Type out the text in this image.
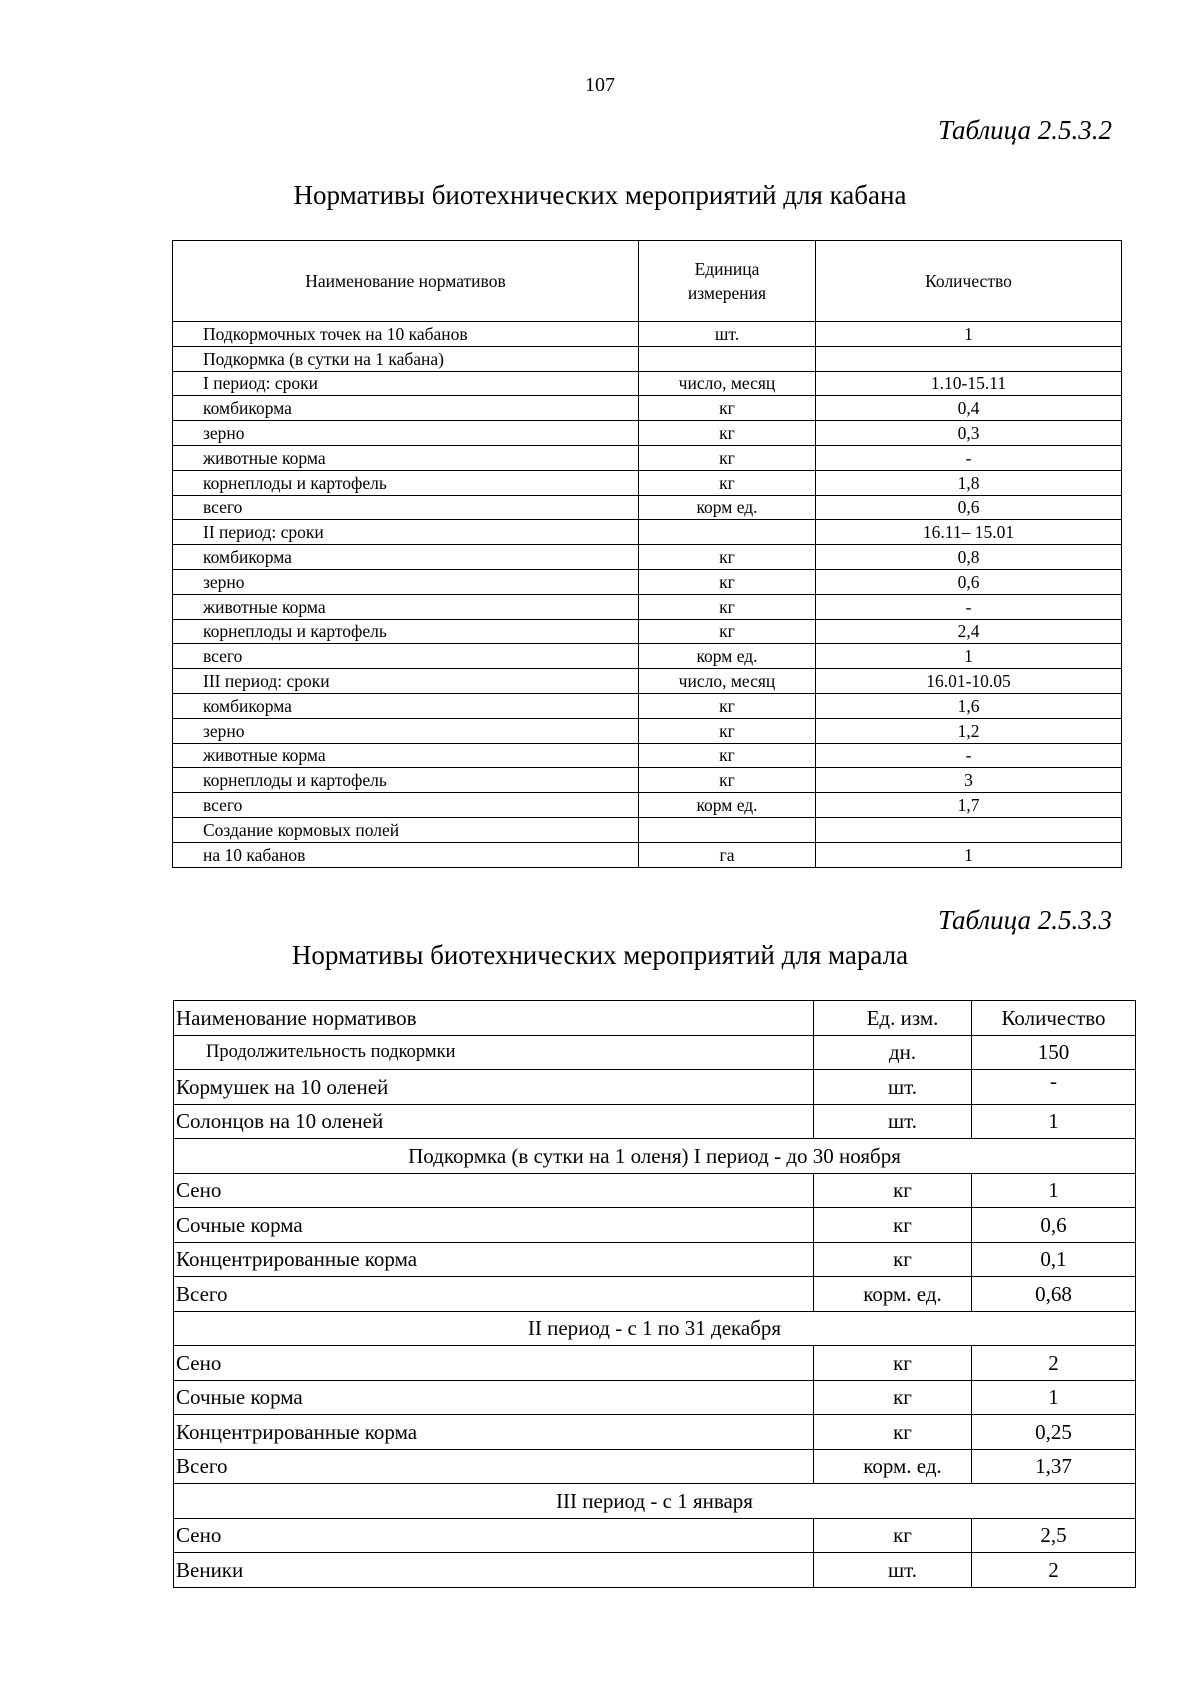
107
Таблица 2.5.3.2
Нормативы биотехнических мероприятий для кабана
Наименование нормативов	Единица измерения	Количество
Подкормочных точек на 10 кабанов	шт.	1
Подкормка (в сутки на 1 кабана)		
I период: сроки	число, месяц	1.10-15.11
комбикорма	кг	0,4
зерно	кг	0,3
животные корма	кг	-
корнеплоды и картофель	кг	1,8
всего	корм ед.	0,6
II период: сроки		16.11– 15.01
комбикорма	кг	0,8
зерно	кг	0,6
животные корма	кг	-
корнеплоды и картофель	кг	2,4
всего	корм ед.	1
III период: сроки	число, месяц	16.01-10.05
комбикорма	кг	1,6
зерно	кг	1,2
животные корма	кг	-
корнеплоды и картофель	кг	3
всего	корм ед.	1,7
Создание кормовых полей		
на 10 кабанов	га	1
Таблица 2.5.3.3
Нормативы биотехнических мероприятий для марала
Наименование нормативов	Ед. изм.	Количество
Продолжительность подкормки	дн.	150
Кормушек на 10 оленей	шт.	-
Солонцов на 10 оленей	шт.	1
Подкормка (в сутки на 1 оленя) I период - до 30 ноября		
Сено	кг	1
Сочные корма	кг	0,6
Концентрированные корма	кг	0,1
Всего	корм. ед.	0,68
II период - с 1 по 31 декабря		
Сено	кг	2
Сочные корма	кг	1
Концентрированные корма	кг	0,25
Всего	корм. ед.	1,37
III период - с 1 января		
Сено	кг	2,5
Веники	шт.	2
